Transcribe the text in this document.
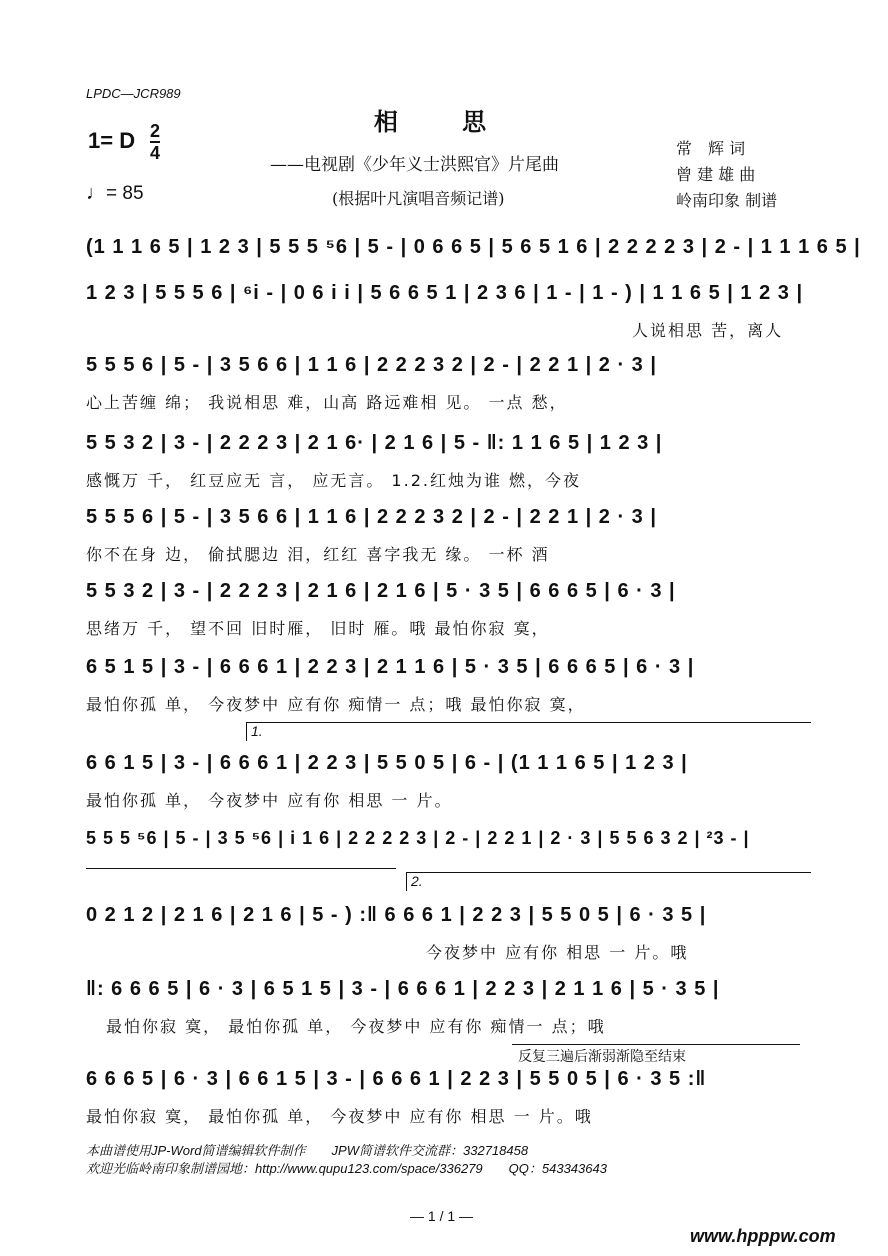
LPDC—JCR989
相 思
——电视剧《少年义士洪熙官》片尾曲
(根据叶凡演唱音频记谱)
1= D 2
4
♩= 85
常　辉 词
曾 建 雄 曲
岭南印象 制谱
(1 1 1 6 5 | 1 2 3 | 5 5 5 ⁵6 | 5 - | 0 6 6 5 | 5 6 5 1 6 | 2 2 2 2 3 | 2 - | 1 1 1 6 5 |
1 2 3 | 5 5 5 6 | ⁶i - | 0 6 i i | 5 6 6 5 1 | 2 3 6 | 1 - | 1 - ) | 1 1 6 5 | 1 2 3 |
人说相思 苦，离人
5 5 5 6 | 5 - | 3 5 6 6 | 1 1 6 | 2 2 2 3 2 | 2 - | 2 2 1 | 2 · 3 |
心上苦缠 绵； 我说相思 难，山高 路远难相 见。 一点 愁，
5 5 3 2 | 3 - | 2 2 2 3 | 2 1 6· | 2 1 6 | 5 - ‖: 1 1 6 5 | 1 2 3 |
感慨万 千， 红豆应无 言， 应无言。 1.2.红烛为谁 燃，今夜
5 5 5 6 | 5 - | 3 5 6 6 | 1 1 6 | 2 2 2 3 2 | 2 - | 2 2 1 | 2 · 3 |
你不在身 边， 偷拭腮边 泪，红红 喜字我无 缘。 一杯 酒
5 5 3 2 | 3 - | 2 2 2 3 | 2 1 6 | 2 1 6 | 5 · 3 5 | 6 6 6 5 | 6 · 3 |
思绪万 千， 望不回 旧时雁， 旧时 雁。哦 最怕你寂 寞，
6 5 1 5 | 3 - | 6 6 6 1 | 2 2 3 | 2 1 1 6 | 5 · 3 5 | 6 6 6 5 | 6 · 3 |
最怕你孤 单， 今夜梦中 应有你 痴情一 点；哦 最怕你寂 寞，
1.
6 6 1 5 | 3 - | 6 6 6 1 | 2 2 3 | 5 5 0 5 | 6 - | (1 1 1 6 5 | 1 2 3 |
最怕你孤 单， 今夜梦中 应有你 相思 一 片。
5 5 5 ⁵6 | 5 - | 3 5 ⁵6 | i 1 6 | 2 2 2 2 3 | 2 - | 2 2 1 | 2 · 3 | 5 5 6 3 2 | ²3 - |
2.
0 2 1 2 | 2 1 6 | 2 1 6 | 5 - ) :‖ 6 6 6 1 | 2 2 3 | 5 5 0 5 | 6 · 3 5 |
今夜梦中 应有你 相思 一 片。哦
‖: 6 6 6 5 | 6 · 3 | 6 5 1 5 | 3 - | 6 6 6 1 | 2 2 3 | 2 1 1 6 | 5 · 3 5 |
最怕你寂 寞， 最怕你孤 单， 今夜梦中 应有你 痴情一 点；哦
反复三遍后渐弱渐隐至结束
6 6 6 5 | 6 · 3 | 6 6 1 5 | 3 - | 6 6 6 1 | 2 2 3 | 5 5 0 5 | 6 · 3 5 :‖
最怕你寂 寞， 最怕你孤 单， 今夜梦中 应有你 相思 一 片。哦
本曲谱使用JP-Word简谱编辑软件制作　　JPW简谱软件交流群：332718458
欢迎光临岭南印象制谱园地：http://www.qupu123.com/space/336279　　QQ：543343643
— 1 / 1 —
www.hpppw.com
